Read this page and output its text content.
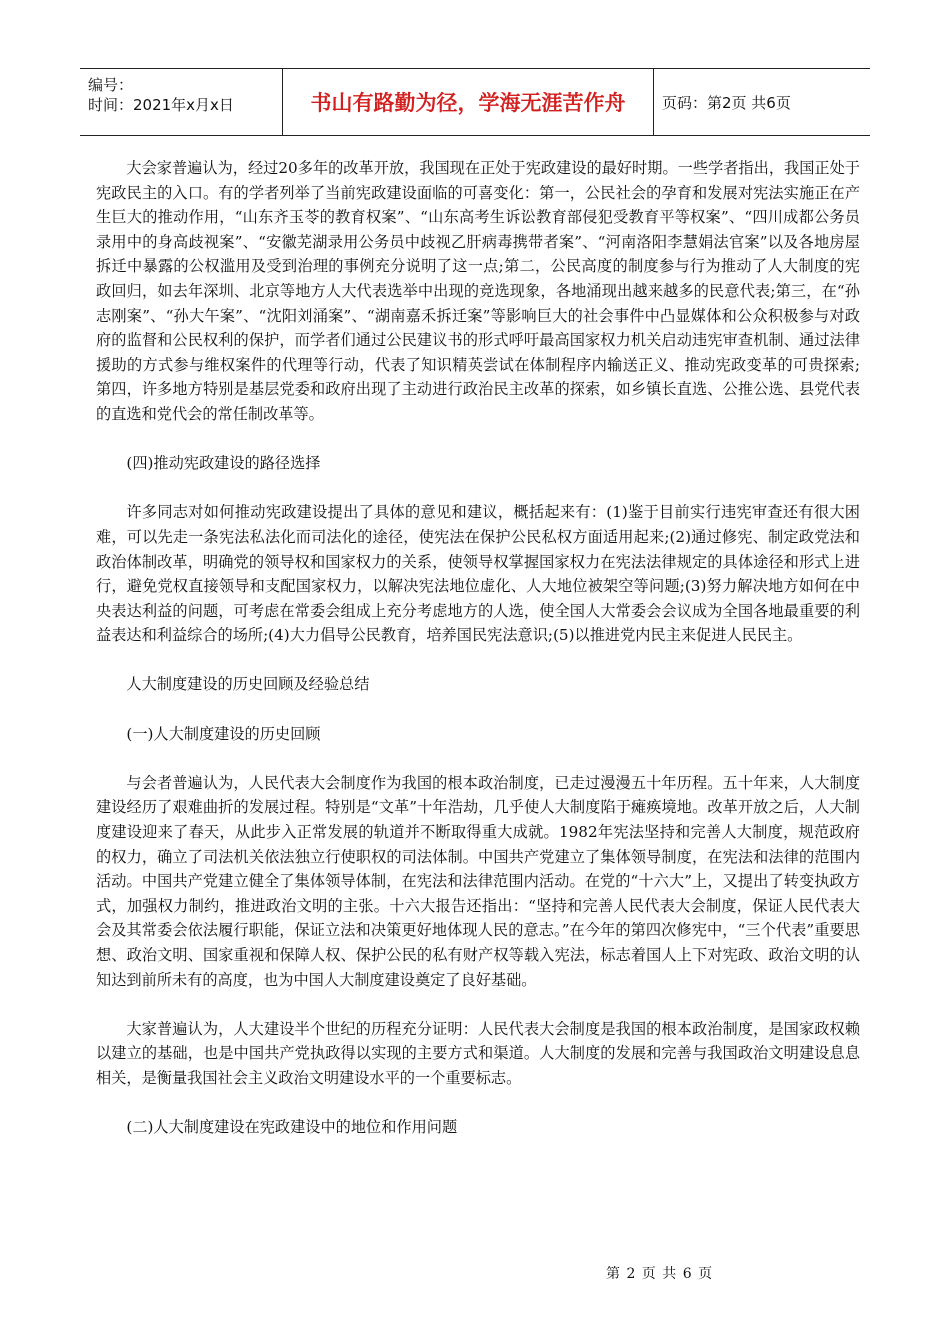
编号：
时间：2021年x月x日	书山有路勤为径，学海无涯苦作舟	页码：第2页 共6页

大会家普遍认为，经过20多年的改革开放，我国现在正处于宪政建设的最好时期。一些学者指出，我国正处于宪政民主的入口。有的学者列举了当前宪政建设面临的可喜变化：第一，公民社会的孕育和发展对宪法实施正在产生巨大的推动作用，“山东齐玉苓的教育权案”、“山东高考生诉讼教育部侵犯受教育平等权案”、“四川成都公务员录用中的身高歧视案”、“安徽芜湖录用公务员中歧视乙肝病毒携带者案”、“河南洛阳李慧娟法官案”以及各地房屋拆迁中暴露的公权滥用及受到治理的事例充分说明了这一点;第二，公民高度的制度参与行为推动了人大制度的宪政回归，如去年深圳、北京等地方人大代表选举中出现的竞选现象，各地涌现出越来越多的民意代表;第三，在“孙志刚案”、“孙大午案”、“沈阳刘涌案”、“湖南嘉禾拆迁案”等影响巨大的社会事件中凸显媒体和公众积极参与对政府的监督和公民权利的保护，而学者们通过公民建议书的形式呼吁最高国家权力机关启动违宪审查机制、通过法律援助的方式参与维权案件的代理等行动，代表了知识精英尝试在体制程序内输送正义、推动宪政变革的可贵探索;第四，许多地方特别是基层党委和政府出现了主动进行政治民主改革的探索，如乡镇长直选、公推公选、县党代表的直选和党代会的常任制改革等。

(四)推动宪政建设的路径选择

许多同志对如何推动宪政建设提出了具体的意见和建议，概括起来有：(1)鉴于目前实行违宪审查还有很大困难，可以先走一条宪法私法化而司法化的途径，使宪法在保护公民私权方面适用起来;(2)通过修宪、制定政党法和政治体制改革，明确党的领导权和国家权力的关系，使领导权掌握国家权力在宪法法律规定的具体途径和形式上进行，避免党权直接领导和支配国家权力，以解决宪法地位虚化、人大地位被架空等问题;(3)努力解决地方如何在中央表达利益的问题，可考虑在常委会组成上充分考虑地方的人选，使全国人大常委会会议成为全国各地最重要的利益表达和利益综合的场所;(4)大力倡导公民教育，培养国民宪法意识;(5)以推进党内民主来促进人民民主。

人大制度建设的历史回顾及经验总结

(一)人大制度建设的历史回顾

与会者普遍认为，人民代表大会制度作为我国的根本政治制度，已走过漫漫五十年历程。五十年来，人大制度建设经历了艰难曲折的发展过程。特别是“文革”十年浩劫，几乎使人大制度陷于瘫痪境地。改革开放之后，人大制度建设迎来了春天，从此步入正常发展的轨道并不断取得重大成就。1982年宪法坚持和完善人大制度，规范政府的权力，确立了司法机关依法独立行使职权的司法体制。中国共产党建立了集体领导制度，在宪法和法律的范围内活动。中国共产党建立健全了集体领导体制，在宪法和法律范围内活动。在党的“十六大”上，又提出了转变执政方式，加强权力制约，推进政治文明的主张。十六大报告还指出：“坚持和完善人民代表大会制度，保证人民代表大会及其常委会依法履行职能，保证立法和决策更好地体现人民的意志。”在今年的第四次修宪中，“三个代表”重要思想、政治文明、国家重视和保障人权、保护公民的私有财产权等载入宪法，标志着国人上下对宪政、政治文明的认知达到前所未有的高度，也为中国人大制度建设奠定了良好基础。

大家普遍认为，人大建设半个世纪的历程充分证明：人民代表大会制度是我国的根本政治制度，是国家政权赖以建立的基础，也是中国共产党执政得以实现的主要方式和渠道。人大制度的发展和完善与我国政治文明建设息息相关，是衡量我国社会主义政治文明建设水平的一个重要标志。

(二)人大制度建设在宪政建设中的地位和作用问题

第 2 页 共 6 页
